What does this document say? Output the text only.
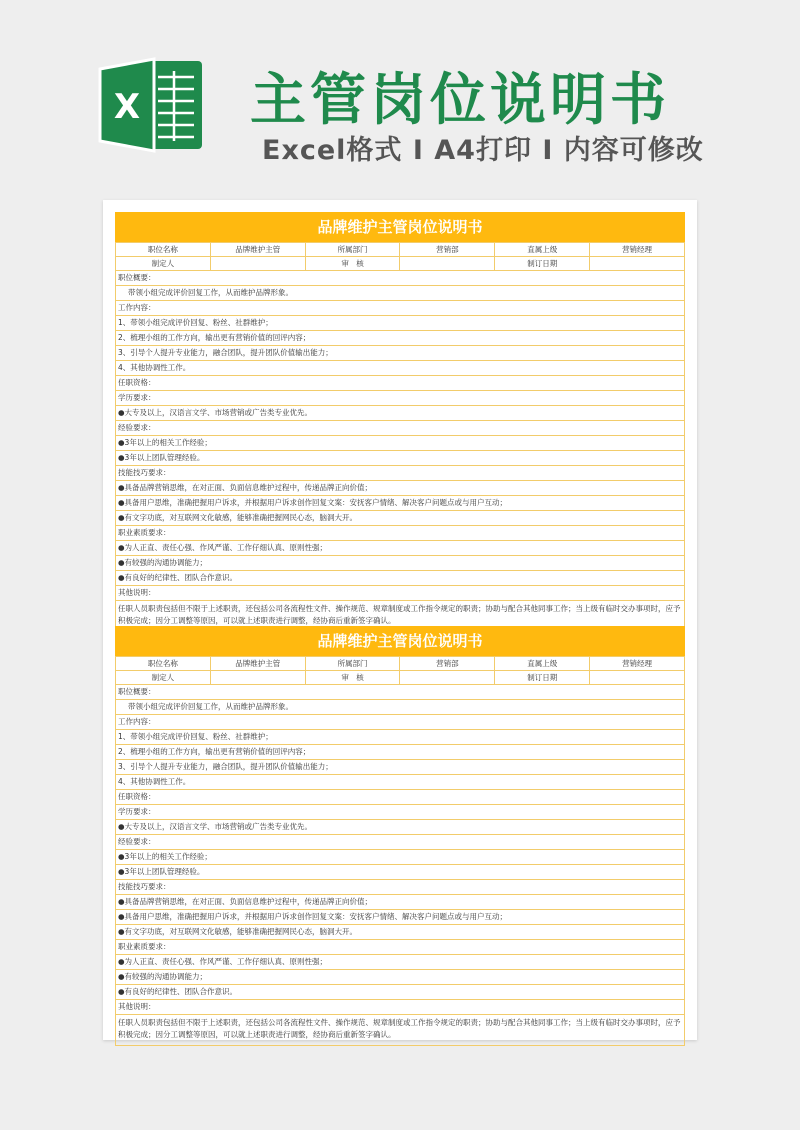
X 主管岗位说明书
Excel格式 I A4打印 I 内容可修改
品牌维护主管岗位说明书
职位名称	品牌维护主管	所属部门	营销部	直属上级	营销经理
制定人		审　核		制订日期	
职位概要：
带领小组完成评价回复工作，从而维护品牌形象。
工作内容：
1、带领小组完成评价回复、粉丝、社群维护；
2、梳理小组的工作方向，输出更有营销价值的回评内容；
3、引导个人提升专业能力，融合团队，提升团队价值输出能力；
4、其他协调性工作。
任职资格：
学历要求：
●大专及以上，汉语言文学、市场营销或广告类专业优先。
经验要求：
●3年以上的相关工作经验；
●3年以上团队管理经验。
技能技巧要求：
●具备品牌营销思维，在对正面、负面信息维护过程中，传递品牌正向价值；
●具备用户思维，准确把握用户诉求，并根据用户诉求创作回复文案：安抚客户情绪、解决客户问题点或与用户互动；
●有文字功底，对互联网文化敏感，能够准确把握网民心态，脑洞大开。
职业素质要求：
●为人正直、责任心强、作风严谨、工作仔细认真、原则性强；
●有较强的沟通协调能力；
●有良好的纪律性、团队合作意识。
其他说明：
任职人员职责包括但不限于上述职责，还包括公司各流程性文件、操作规范、规章制度或工作指令规定的职责；协助与配合其他同事工作；当上级有临时交办事项时，应予积极完成；因分工调整等原因，可以就上述职责进行调整，经协商后重新签字确认。
品牌维护主管岗位说明书
职位名称	品牌维护主管	所属部门	营销部	直属上级	营销经理
制定人		审　核		制订日期	
职位概要：
带领小组完成评价回复工作，从而维护品牌形象。
工作内容：
1、带领小组完成评价回复、粉丝、社群维护；
2、梳理小组的工作方向，输出更有营销价值的回评内容；
3、引导个人提升专业能力，融合团队，提升团队价值输出能力；
4、其他协调性工作。
任职资格：
学历要求：
●大专及以上，汉语言文学、市场营销或广告类专业优先。
经验要求：
●3年以上的相关工作经验；
●3年以上团队管理经验。
技能技巧要求：
●具备品牌营销思维，在对正面、负面信息维护过程中，传递品牌正向价值；
●具备用户思维，准确把握用户诉求，并根据用户诉求创作回复文案：安抚客户情绪、解决客户问题点或与用户互动；
●有文字功底，对互联网文化敏感，能够准确把握网民心态，脑洞大开。
职业素质要求：
●为人正直、责任心强、作风严谨、工作仔细认真、原则性强；
●有较强的沟通协调能力；
●有良好的纪律性、团队合作意识。
其他说明：
任职人员职责包括但不限于上述职责，还包括公司各流程性文件、操作规范、规章制度或工作指令规定的职责；协助与配合其他同事工作；当上级有临时交办事项时，应予积极完成；因分工调整等原因，可以就上述职责进行调整，经协商后重新签字确认。
